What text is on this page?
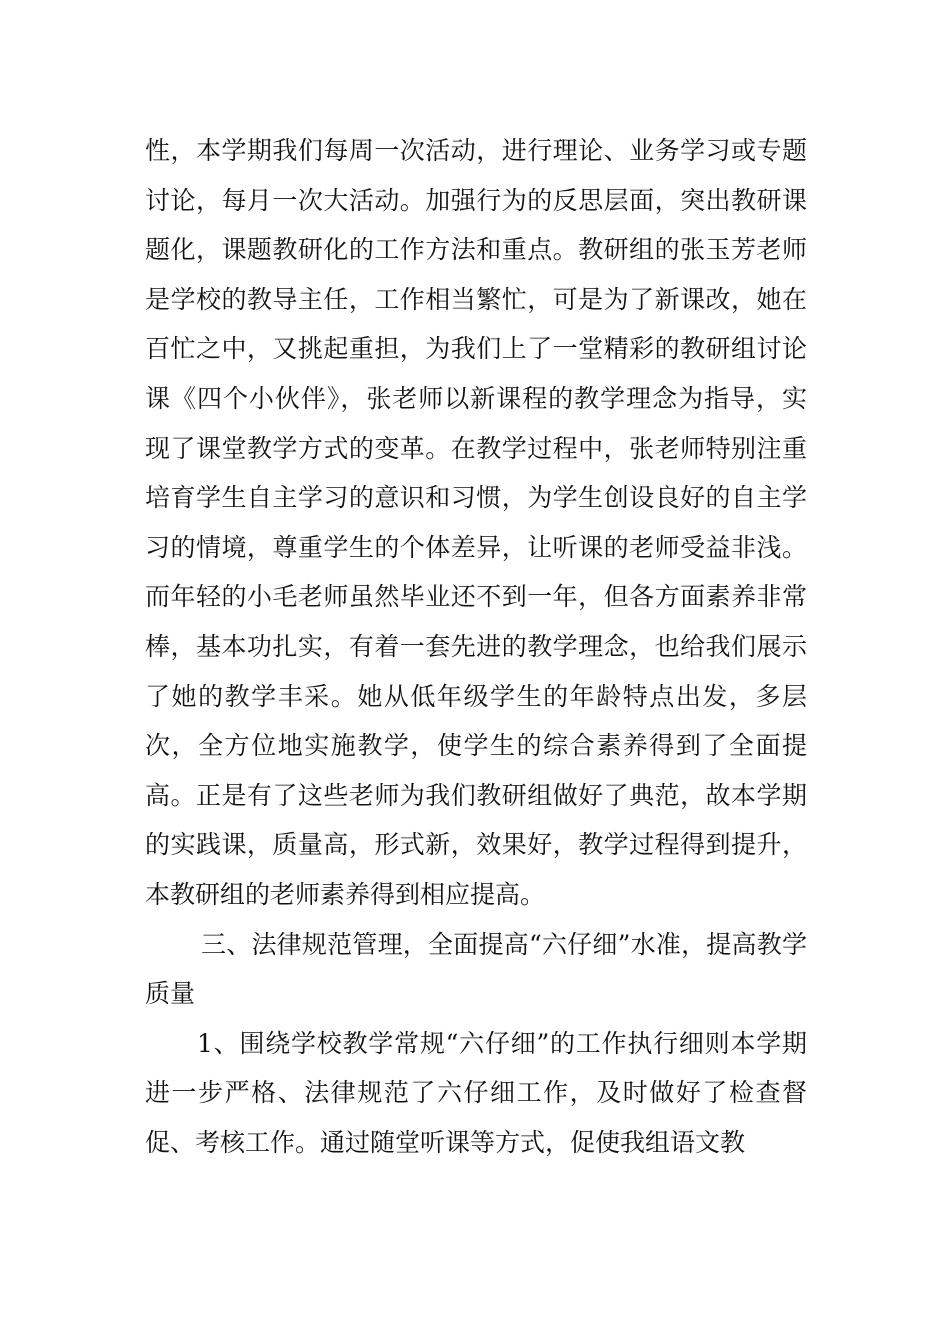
性，本学期我们每周一次活动，进行理论、业务学习或专题讨论，每月一次大活动。加强行为的反思层面，突出教研课题化，课题教研化的工作方法和重点。教研组的张玉芳老师是学校的教导主任，工作相当繁忙，可是为了新课改，她在百忙之中，又挑起重担，为我们上了一堂精彩的教研组讨论课《四个小伙伴》，张老师以新课程的教学理念为指导，实现了课堂教学方式的变革。在教学过程中，张老师特别注重培育学生自主学习的意识和习惯，为学生创设良好的自主学习的情境，尊重学生的个体差异，让听课的老师受益非浅。而年轻的小毛老师虽然毕业还不到一年，但各方面素养非常棒，基本功扎实，有着一套先进的教学理念，也给我们展示了她的教学丰采。她从低年级学生的年龄特点出发，多层次，全方位地实施教学，使学生的综合素养得到了全面提高。正是有了这些老师为我们教研组做好了典范，故本学期的实践课，质量高，形式新，效果好，教学过程得到提升，本教研组的老师素养得到相应提高。

三、法律规范管理，全面提高“六仔细”水准，提高教学质量

1、围绕学校教学常规“六仔细”的工作执行细则本学期进一步严格、法律规范了六仔细工作，及时做好了检查督促、考核工作。通过随堂听课等方式，促使我组语文教
